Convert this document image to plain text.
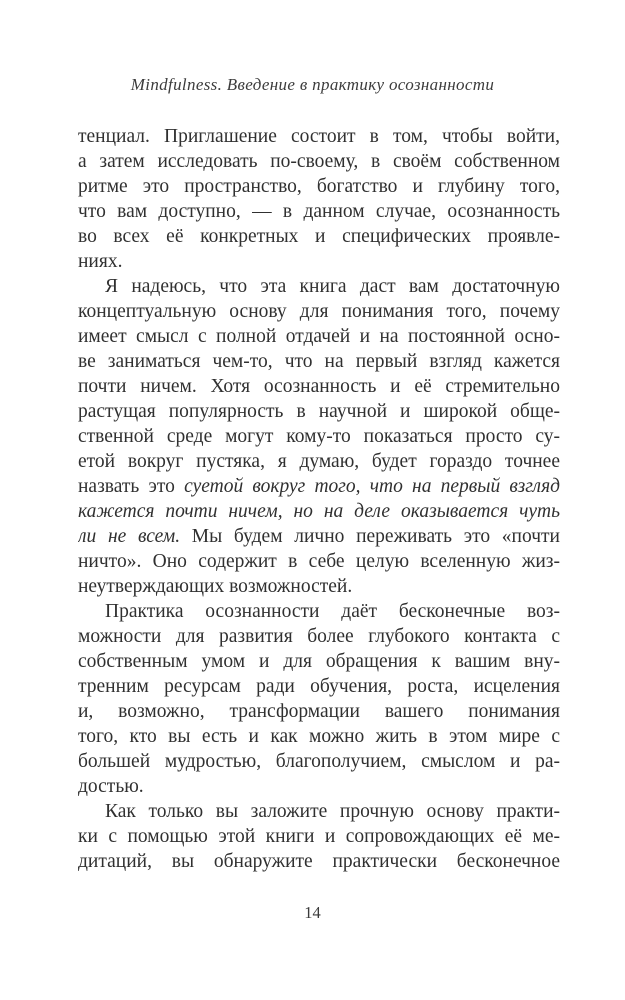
Mindfulness. Введение в практику осознанности
тенциал. Приглашение состоит в том, чтобы войти,
а затем исследовать по-своему, в своём собственном
ритме это пространство, богатство и глубину того,
что вам доступно, — в данном случае, осознанность
во всех её конкретных и специфических проявле-
ниях.
Я надеюсь, что эта книга даст вам достаточную
концептуальную основу для понимания того, почему
имеет смысл с полной отдачей и на постоянной осно-
ве заниматься чем-то, что на первый взгляд кажется
почти ничем. Хотя осознанность и её стремительно
растущая популярность в научной и широкой обще-
ственной среде могут кому-то показаться просто су-
етой вокруг пустяка, я думаю, будет гораздо точнее
назвать это суетой вокруг того, что на первый взгляд
кажется почти ничем, но на деле оказывается чуть
ли не всем. Мы будем лично переживать это «почти
ничто». Оно содержит в себе целую вселенную жиз-
неутверждающих возможностей.
Практика осознанности даёт бесконечные воз-
можности для развития более глубокого контакта с
собственным умом и для обращения к вашим вну-
тренним ресурсам ради обучения, роста, исцеления
и, возможно, трансформации вашего понимания
того, кто вы есть и как можно жить в этом мире с
большей мудростью, благополучием, смыслом и ра-
достью.
Как только вы заложите прочную основу практи-
ки с помощью этой книги и сопровождающих её ме-
дитаций, вы обнаружите практически бесконечное
14
